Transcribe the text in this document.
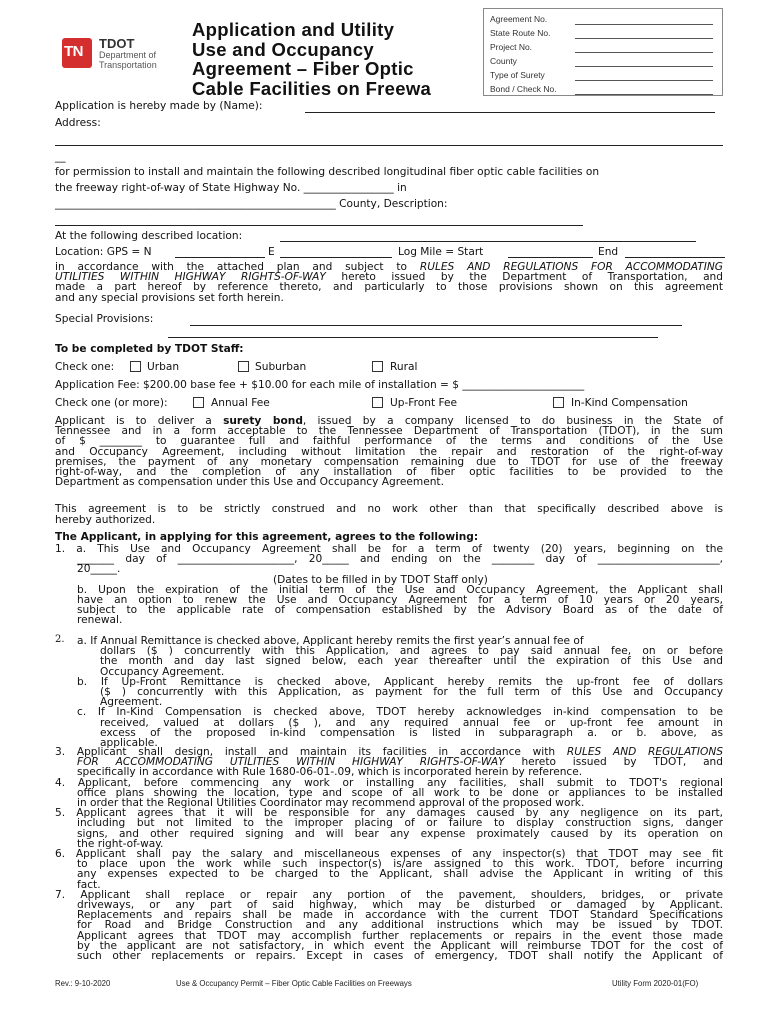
TN TDOT
Department of
Transportation
Application and Utility
Use and Occupancy
Agreement – Fiber Optic
Cable Facilities on Freewa
Agreement No.
State Route No.
Project No.
County
Type of Surety
Bond / Check No.
Application is hereby made by (Name):
Address:
__
for permission to install and maintain the following described longitudinal fiber optic cable facilities on
the freeway right-of-way of State Highway No. _________________ in
_____________________________________________________ County, Description:
At the following described location:
Location: GPS = N	E	Log Mile = Start	End
in accordance with the attached plan and subject to RULES AND REGULATIONS FOR ACCOMMODATING
UTILITIES WITHIN HIGHWAY RIGHTS-OF-WAY hereto issued by the Department of Transportation, and
made a part hereof by reference thereto, and particularly to those provisions shown on this agreement
and any special provisions set forth herein.
Special Provisions:
To be completed by TDOT Staff:
Check one:	Urban	Suburban	Rural
Application Fee: $200.00 base fee + $10.00 for each mile of installation = $ _______________________
Check one (or more):	Annual Fee	Up-Front Fee	In-Kind Compensation
Applicant is to deliver a surety bond, issued by a company licensed to do business in the State of
Tennessee and in a form acceptable to the Tennessee Department of Transportation (TDOT), in the sum
of $ ________ to guarantee full and faithful performance of the terms and conditions of the Use
and Occupancy Agreement, including without limitation the repair and restoration of the right-of-way
premises, the payment of any monetary compensation remaining due to TDOT for use of the freeway
right-of-way, and the completion of any installation of fiber optic facilities to be provided to the
Department as compensation under this Use and Occupancy Agreement.
This agreement is to be strictly construed and no work other than that specifically described above is
hereby authorized.
The Applicant, in applying for this agreement, agrees to the following:
1. a. This Use and Occupancy Agreement shall be for a term of twenty (20) years, beginning on the
_______ day of ______________________, 20_____ and ending on the ________ day of _______________________,
20_____.
(Dates to be filled in by TDOT Staff only)
b. Upon the expiration of the initial term of the Use and Occupancy Agreement, the Applicant shall
have an option to renew the Use and Occupancy Agreement for a term of 10 years or 20 years,
subject to the applicable rate of compensation established by the Advisory Board as of the date of
renewal.
2. a. If Annual Remittance is checked above, Applicant hereby remits the first year’s annual fee of
dollars ($ ) concurrently with this Application, and agrees to pay said annual fee, on or before
the month and day last signed below, each year thereafter until the expiration of this Use and
Occupancy Agreement.
b. If Up-Front Remittance is checked above, Applicant hereby remits the up-front fee of dollars
($ ) concurrently with this Application, as payment for the full term of this Use and Occupancy
Agreement.
c. If In-Kind Compensation is checked above, TDOT hereby acknowledges in-kind compensation to be
received, valued at dollars ($ ), and any required annual fee or up-front fee amount in
excess of the proposed in-kind compensation is listed in subparagraph a. or b. above, as
applicable.
3. Applicant shall design, install and maintain its facilities in accordance with RULES AND REGULATIONS
FOR ACCOMMODATING UTILITIES WITHIN HIGHWAY RIGHTS-OF-WAY hereto issued by TDOT, and
specifically in accordance with Rule 1680-06-01-.09, which is incorporated herein by reference.
4. Applicant, before commencing any work or installing any facilities, shall submit to TDOT's regional
office plans showing the location, type and scope of all work to be done or appliances to be installed
in order that the Regional Utilities Coordinator may recommend approval of the proposed work.
5. Applicant agrees that it will be responsible for any damages caused by any negligence on its part,
including but not limited to the improper placing of or failure to display construction signs, danger
signs, and other required signing and will bear any expense proximately caused by its operation on
the right-of-way.
6. Applicant shall pay the salary and miscellaneous expenses of any inspector(s) that TDOT may see fit
to place upon the work while such inspector(s) is/are assigned to this work. TDOT, before incurring
any expenses expected to be charged to the Applicant, shall advise the Applicant in writing of this
fact.
7. Applicant shall replace or repair any portion of the pavement, shoulders, bridges, or private
driveways, or any part of said highway, which may be disturbed or damaged by Applicant.
Replacements and repairs shall be made in accordance with the current TDOT Standard Specifications
for Road and Bridge Construction and any additional instructions which may be issued by TDOT.
Applicant agrees that TDOT may accomplish further replacements or repairs in the event those made
by the applicant are not satisfactory, in which event the Applicant will reimburse TDOT for the cost of
such other replacements or repairs. Except in cases of emergency, TDOT shall notify the Applicant of
Rev.: 9-10-2020	Use & Occupancy Permit – Fiber Optic Cable Facilities on Freeways	Utility Form 2020-01(FO)
